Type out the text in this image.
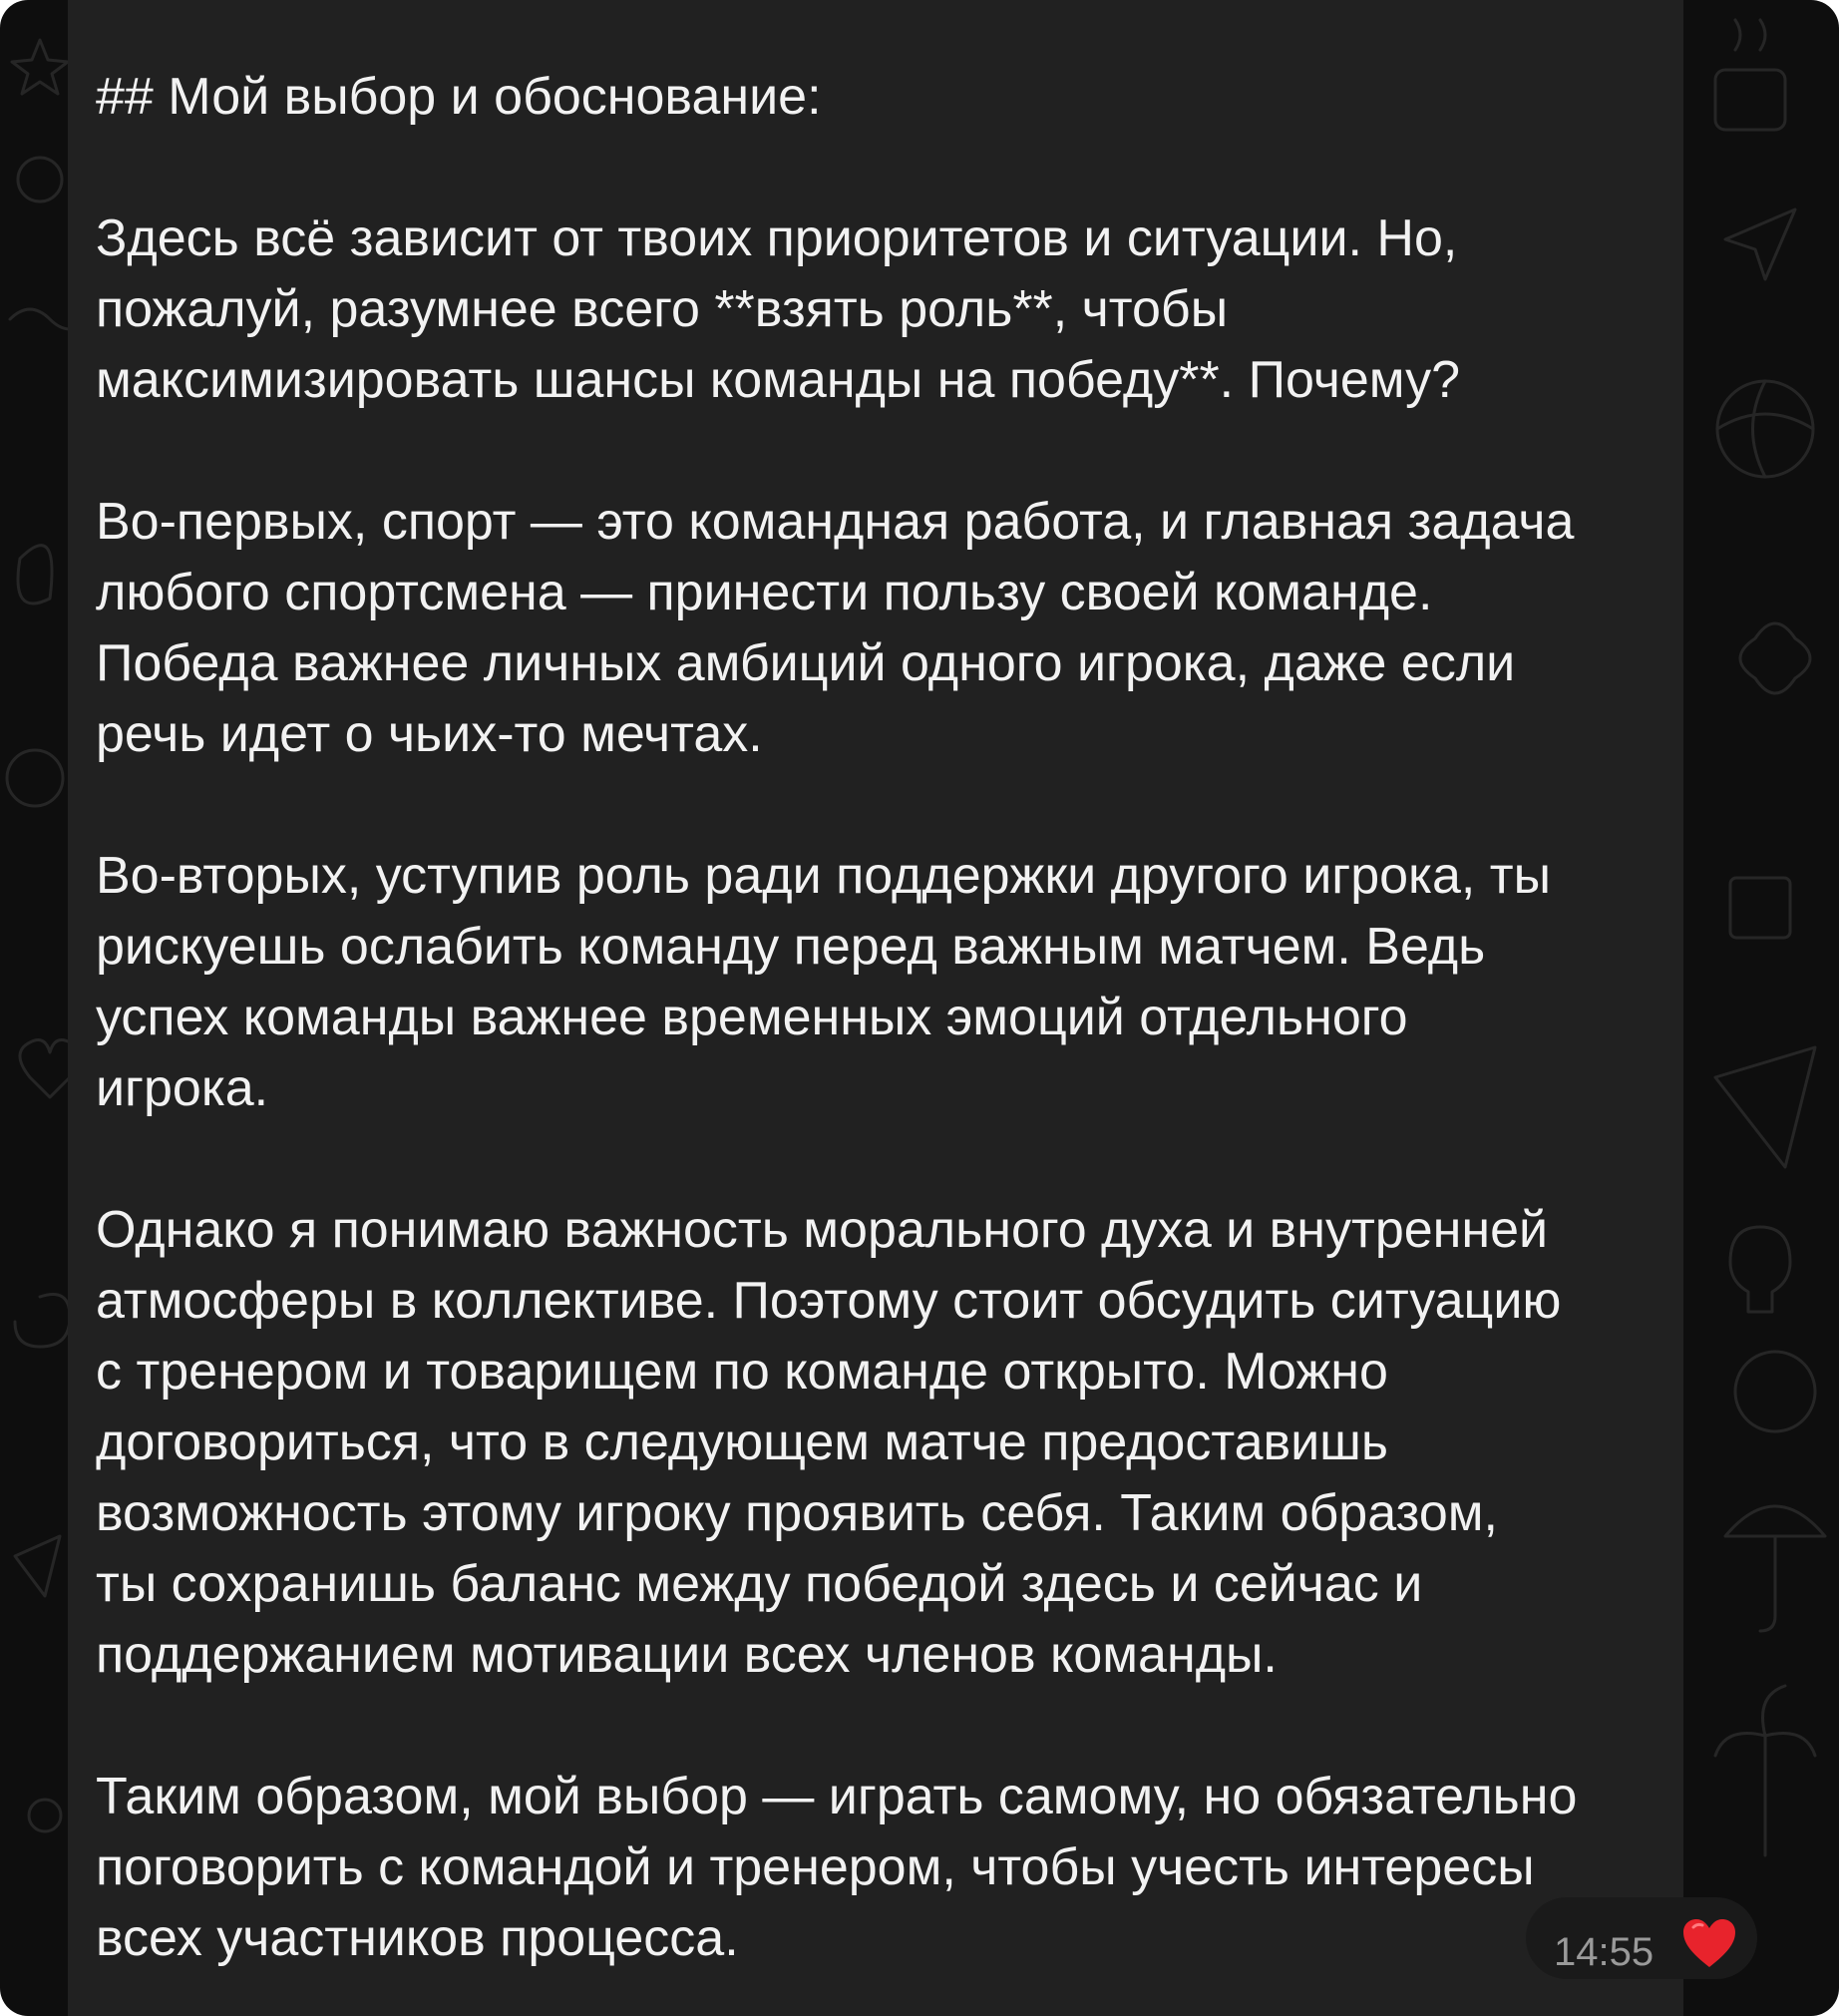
## Мой выбор и обоснование:

Здесь всё зависит от твоих приоритетов и ситуации. Но,
пожалуй, разумнее всего **взять роль**, чтобы
максимизировать шансы команды на победу**. Почему?

Во-первых, спорт — это командная работа, и главная задача
любого спортсмена — принести пользу своей команде.
Победа важнее личных амбиций одного игрока, даже если
речь идет о чьих-то мечтах.

Во-вторых, уступив роль ради поддержки другого игрока, ты
рискуешь ослабить команду перед важным матчем. Ведь
успех команды важнее временных эмоций отдельного
игрока.

Однако я понимаю важность морального духа и внутренней
атмосферы в коллективе. Поэтому стоит обсудить ситуацию
с тренером и товарищем по команде открыто. Можно
договориться, что в следующем матче предоставишь
возможность этому игроку проявить себя. Таким образом,
ты сохранишь баланс между победой здесь и сейчас и
поддержанием мотивации всех членов команды.

Таким образом, мой выбор — играть самому, но обязательно
поговорить с командой и тренером, чтобы учесть интересы
всех участников процесса.	14:55
